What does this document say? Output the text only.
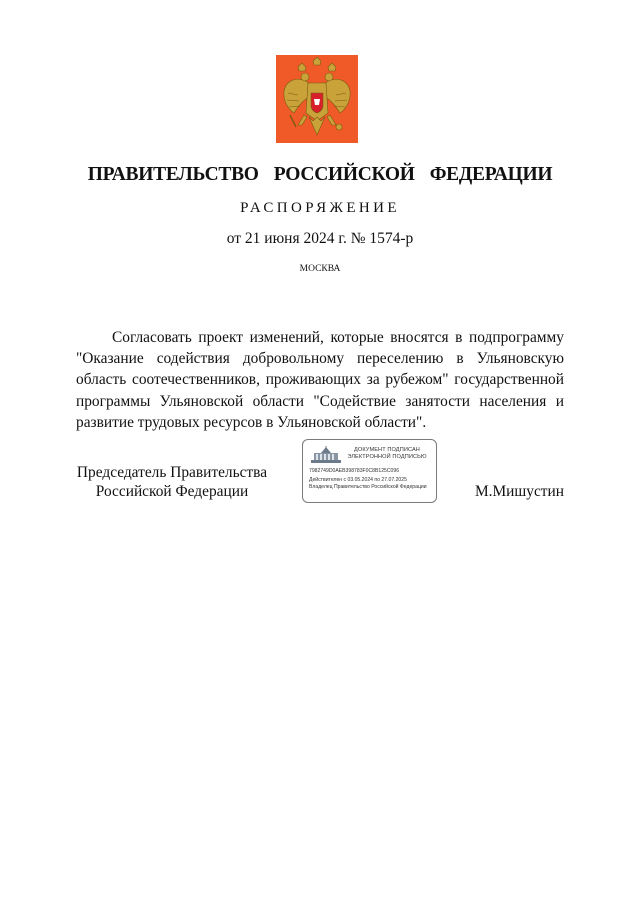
ПРАВИТЕЛЬСТВО  РОССИЙСКОЙ  ФЕДЕРАЦИИ
РАСПОРЯЖЕНИЕ
от 21 июня 2024 г. № 1574-р
МОСКВА
Согласовать проект изменений, которые вносятся в подпрограмму "Оказание содействия добровольному переселению в Ульяновскую область соотечественников, проживающих за рубежом" государственной программы Ульяновской области "Содействие занятости населения и развитие трудовых ресурсов в Ульяновской области".
Председатель Правительства
Российской Федерации
ДОКУМЕНТ ПОДПИСАН
ЭЛЕКТРОННОЙ ПОДПИСЬЮ
7982749D0AEB398783F0C8B125C096
Действителен с 03.05.2024 по 27.07.2025
Владелец Правительство Российской Федерации	М.Мишустин
